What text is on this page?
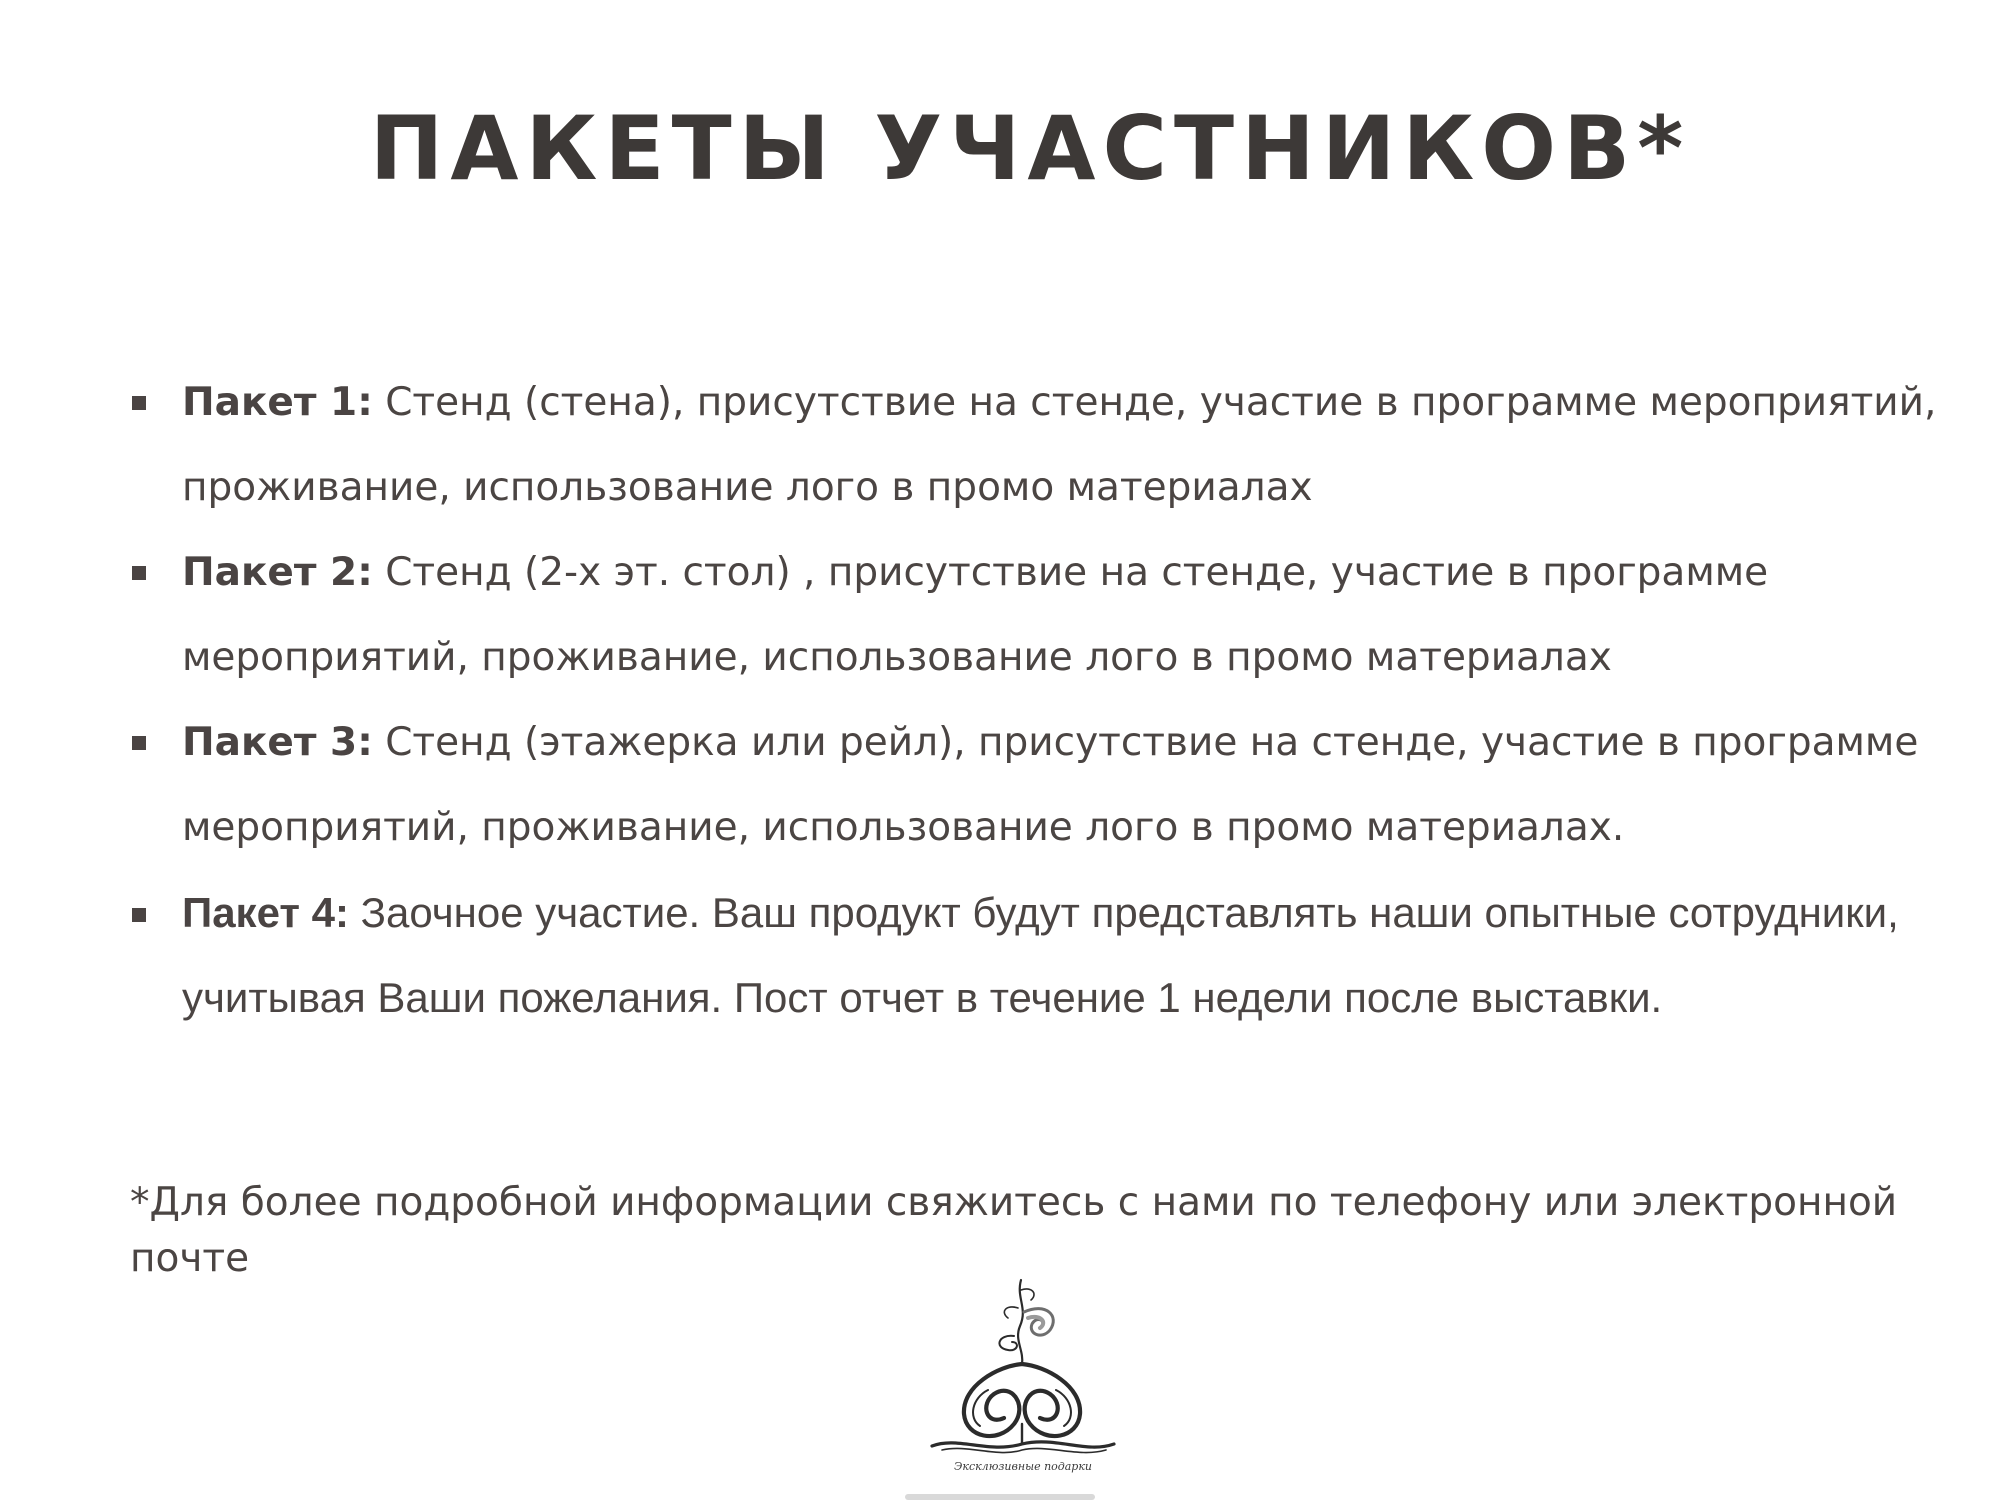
ПАКЕТЫ УЧАСТНИКОВ*
Пакет 1: Стенд (стена), присутствие на стенде, участие в программе мероприятий, проживание, использование лого в промо материалах
Пакет 2: Стенд (2-х эт. стол) , присутствие на стенде, участие в программе мероприятий, проживание, использование лого в промо материалах
Пакет 3: Стенд (этажерка или рейл), присутствие на стенде, участие в программе мероприятий, проживание, использование лого в промо материалах.
Пакет 4: Заочное участие. Ваш продукт будут представлять наши опытные сотрудники, учитывая Ваши пожелания. Пост отчет в течение 1 недели после выставки.
*Для более подробной информации свяжитесь с нами по телефону или электронной почте
Эксклюзивные подарки
